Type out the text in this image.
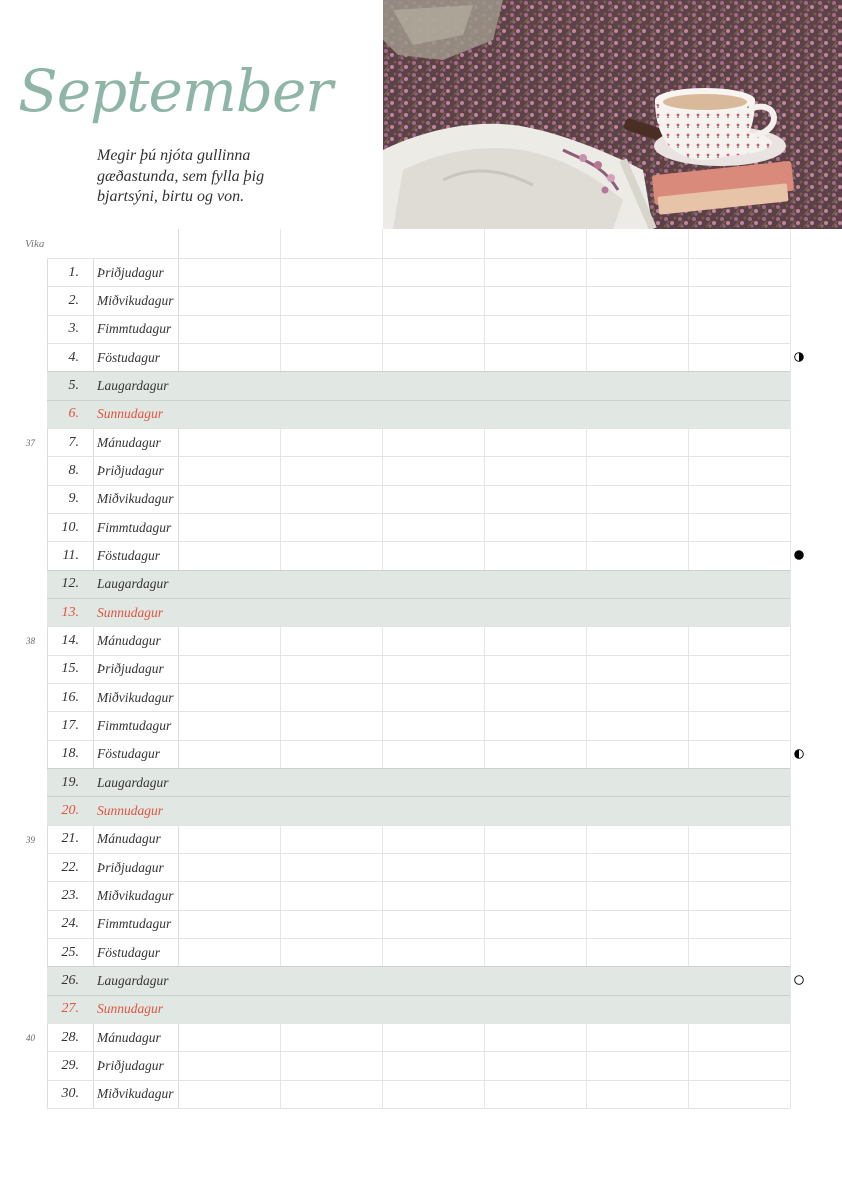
September
Megir þú njóta gullinna
gæðastunda, sem fylla þig
bjartsýni, birtu og von.
Vika
1. Þriðjudagur
2. Miðvikudagur
3. Fimmtudagur
4. Föstudagur
5. Laugardagur
6. Sunnudagur
7. Mánudagur
37
8. Þriðjudagur
9. Miðvikudagur
10. Fimmtudagur
11. Föstudagur
12. Laugardagur
13. Sunnudagur
14. Mánudagur
38
15. Þriðjudagur
16. Miðvikudagur
17. Fimmtudagur
18. Föstudagur
19. Laugardagur
20. Sunnudagur
21. Mánudagur
39
22. Þriðjudagur
23. Miðvikudagur
24. Fimmtudagur
25. Föstudagur
26. Laugardagur
27. Sunnudagur
28. Mánudagur
40
29. Þriðjudagur
30. Miðvikudagur
